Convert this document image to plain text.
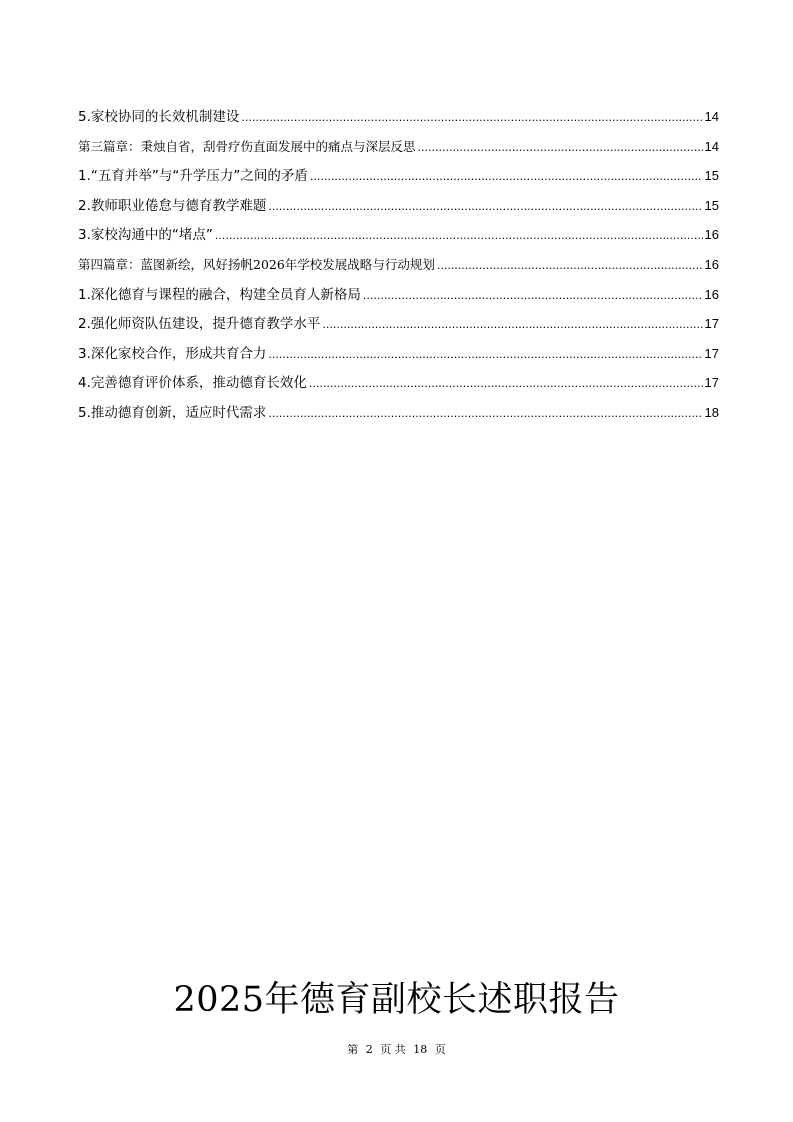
5.家校协同的长效机制建设 .....	14
第三篇章：秉烛自省，刮骨疗伤直面发展中的痛点与深层反思 .....	14
1.“五育并举”与“升学压力”之间的矛盾 .....	15
2.教师职业倦怠与德育教学难题 .....	15
3.家校沟通中的“堵点” .....	16
第四篇章：蓝图新绘，风好扬帆2026年学校发展战略与行动规划 .....	16
1.深化德育与课程的融合，构建全员育人新格局 .....	16
2.强化师资队伍建设，提升德育教学水平 .....	17
3.深化家校合作，形成共育合力 .....	17
4.完善德育评价体系，推动德育长效化 .....	17
5.推动德育创新，适应时代需求 .....	18
2025年德育副校长述职报告
第 2 页 共 18 页
